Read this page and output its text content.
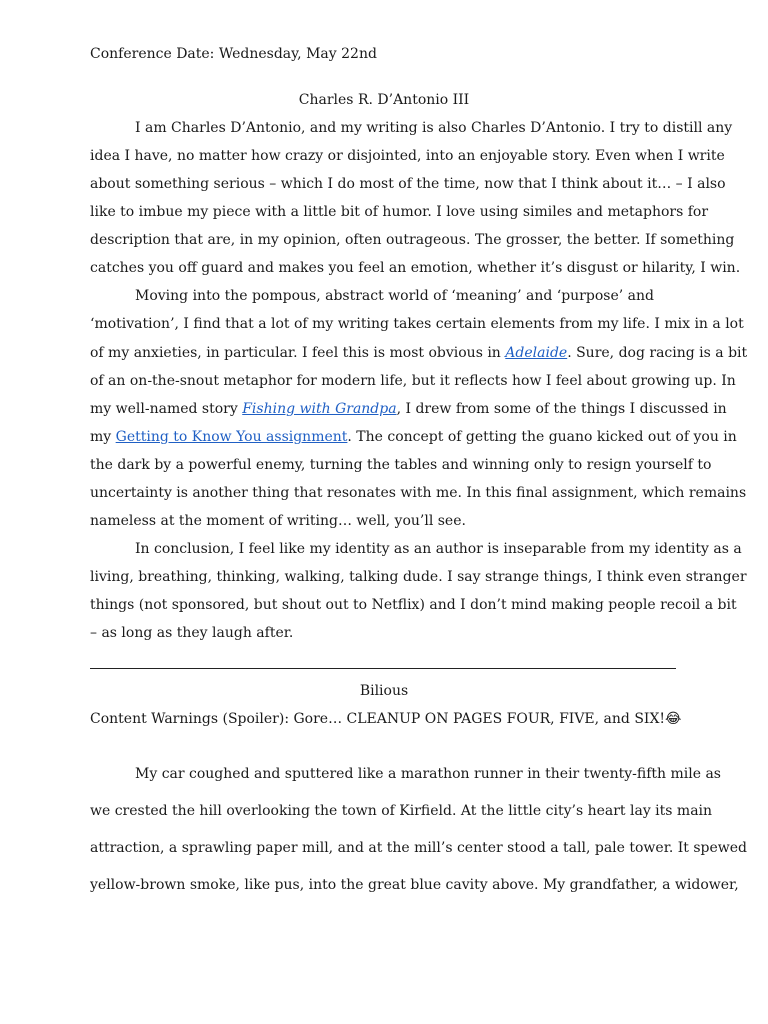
Conference Date: Wednesday, May 22nd
Charles R. D’Antonio III
I am Charles D’Antonio, and my writing is also Charles D’Antonio. I try to distill any
idea I have, no matter how crazy or disjointed, into an enjoyable story. Even when I write
about something serious – which I do most of the time, now that I think about it… – I also
like to imbue my piece with a little bit of humor. I love using similes and metaphors for
description that are, in my opinion, often outrageous. The grosser, the better. If something
catches you off guard and makes you feel an emotion, whether it’s disgust or hilarity, I win.
Moving into the pompous, abstract world of ‘meaning’ and ‘purpose’ and
‘motivation’, I find that a lot of my writing takes certain elements from my life. I mix in a lot
of my anxieties, in particular. I feel this is most obvious in Adelaide. Sure, dog racing is a bit
of an on-the-snout metaphor for modern life, but it reflects how I feel about growing up. In
my well-named story Fishing with Grandpa, I drew from some of the things I discussed in
my Getting to Know You assignment. The concept of getting the guano kicked out of you in
the dark by a powerful enemy, turning the tables and winning only to resign yourself to
uncertainty is another thing that resonates with me. In this final assignment, which remains
nameless at the moment of writing… well, you’ll see.
In conclusion, I feel like my identity as an author is inseparable from my identity as a
living, breathing, thinking, walking, talking dude. I say strange things, I think even stranger
things (not sponsored, but shout out to Netflix) and I don’t mind making people recoil a bit
– as long as they laugh after.
Bilious
Content Warnings (Spoiler): Gore… CLEANUP ON PAGES FOUR, FIVE, and SIX!😂
My car coughed and sputtered like a marathon runner in their twenty-fifth mile as
we crested the hill overlooking the town of Kirfield. At the little city’s heart lay its main
attraction, a sprawling paper mill, and at the mill’s center stood a tall, pale tower. It spewed
yellow-brown smoke, like pus, into the great blue cavity above. My grandfather, a widower,
